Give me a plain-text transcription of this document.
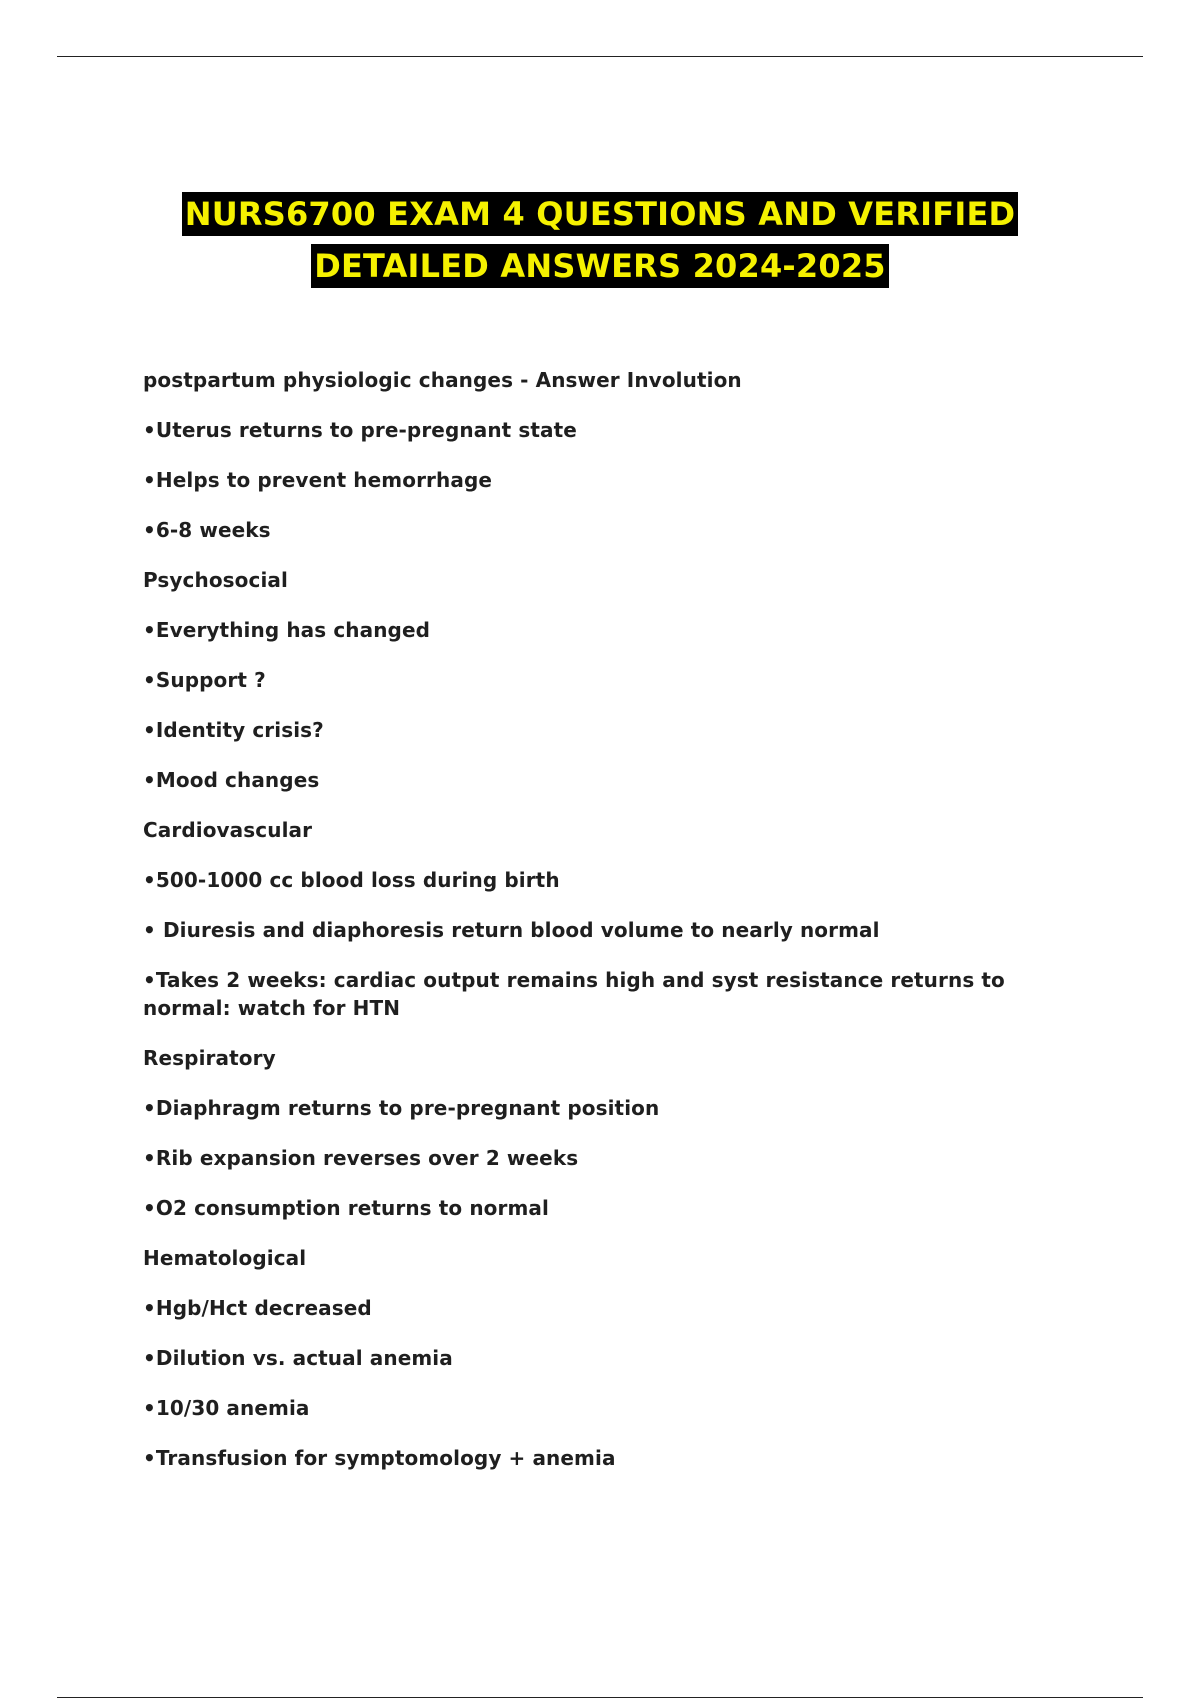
NURS6700 EXAM 4 QUESTIONS AND VERIFIED
DETAILED ANSWERS 2024-2025
postpartum physiologic changes - Answer Involution
•Uterus returns to pre-pregnant state
•Helps to prevent hemorrhage
•6-8 weeks
Psychosocial
•Everything has changed
•Support ?
•Identity crisis?
•Mood changes
Cardiovascular
•500-1000 cc blood loss during birth
• Diuresis and diaphoresis return blood volume to nearly normal
•Takes 2 weeks: cardiac output remains high and syst resistance returns to normal: watch for HTN
Respiratory
•Diaphragm returns to pre-pregnant position
•Rib expansion reverses over 2 weeks
•O2 consumption returns to normal
Hematological
•Hgb/Hct decreased
•Dilution vs. actual anemia
•10/30 anemia
•Transfusion for symptomology + anemia
